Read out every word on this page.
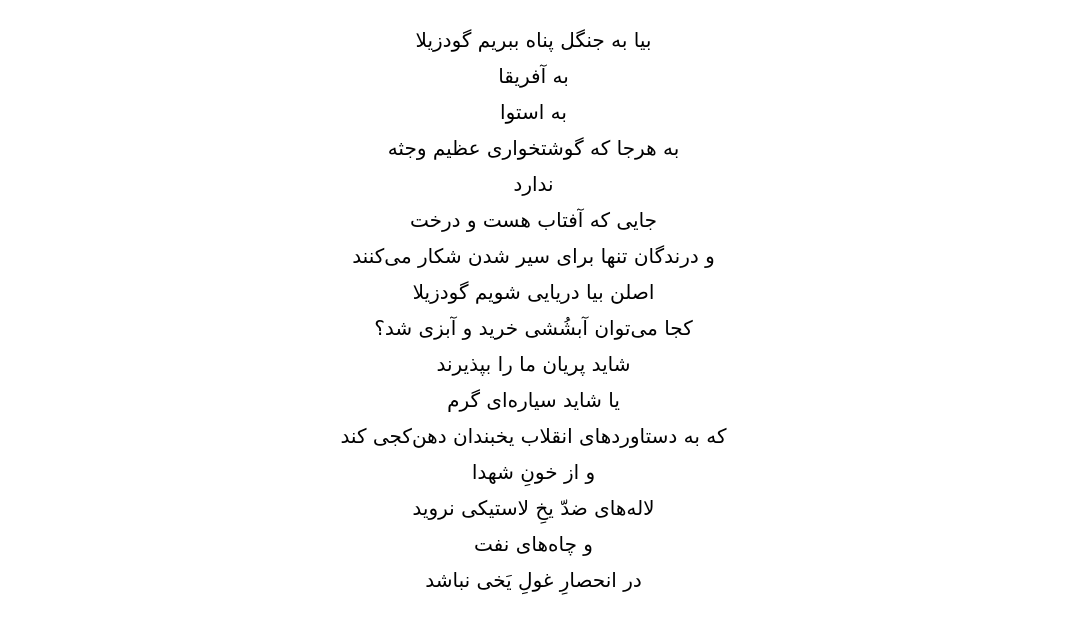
بیا به جنگل پناه ببریم گودزیلا
به آفریقا
به استوا
به هرجا که گوشتخواری عظیم وجثه
ندارد
جایی که آفتاب هست و درخت
و درندگان تنها برای سیر شدن شکار می‌کنند
اصلن بیا دریایی شویم گودزیلا
کجا می‌توان آبشُشی خرید و آبزی شد؟
شاید پریان ما را بپذیرند
یا شاید سیاره‌ای گرم
که به دستاوردهای انقلاب یخبندان دهن‌کجی کند
و از خونِ شهدا
لاله‌های ضدّ یخِ لاستیکی نروید
و چاه‌های نفت
در انحصارِ غولِ یَخی نباشد
